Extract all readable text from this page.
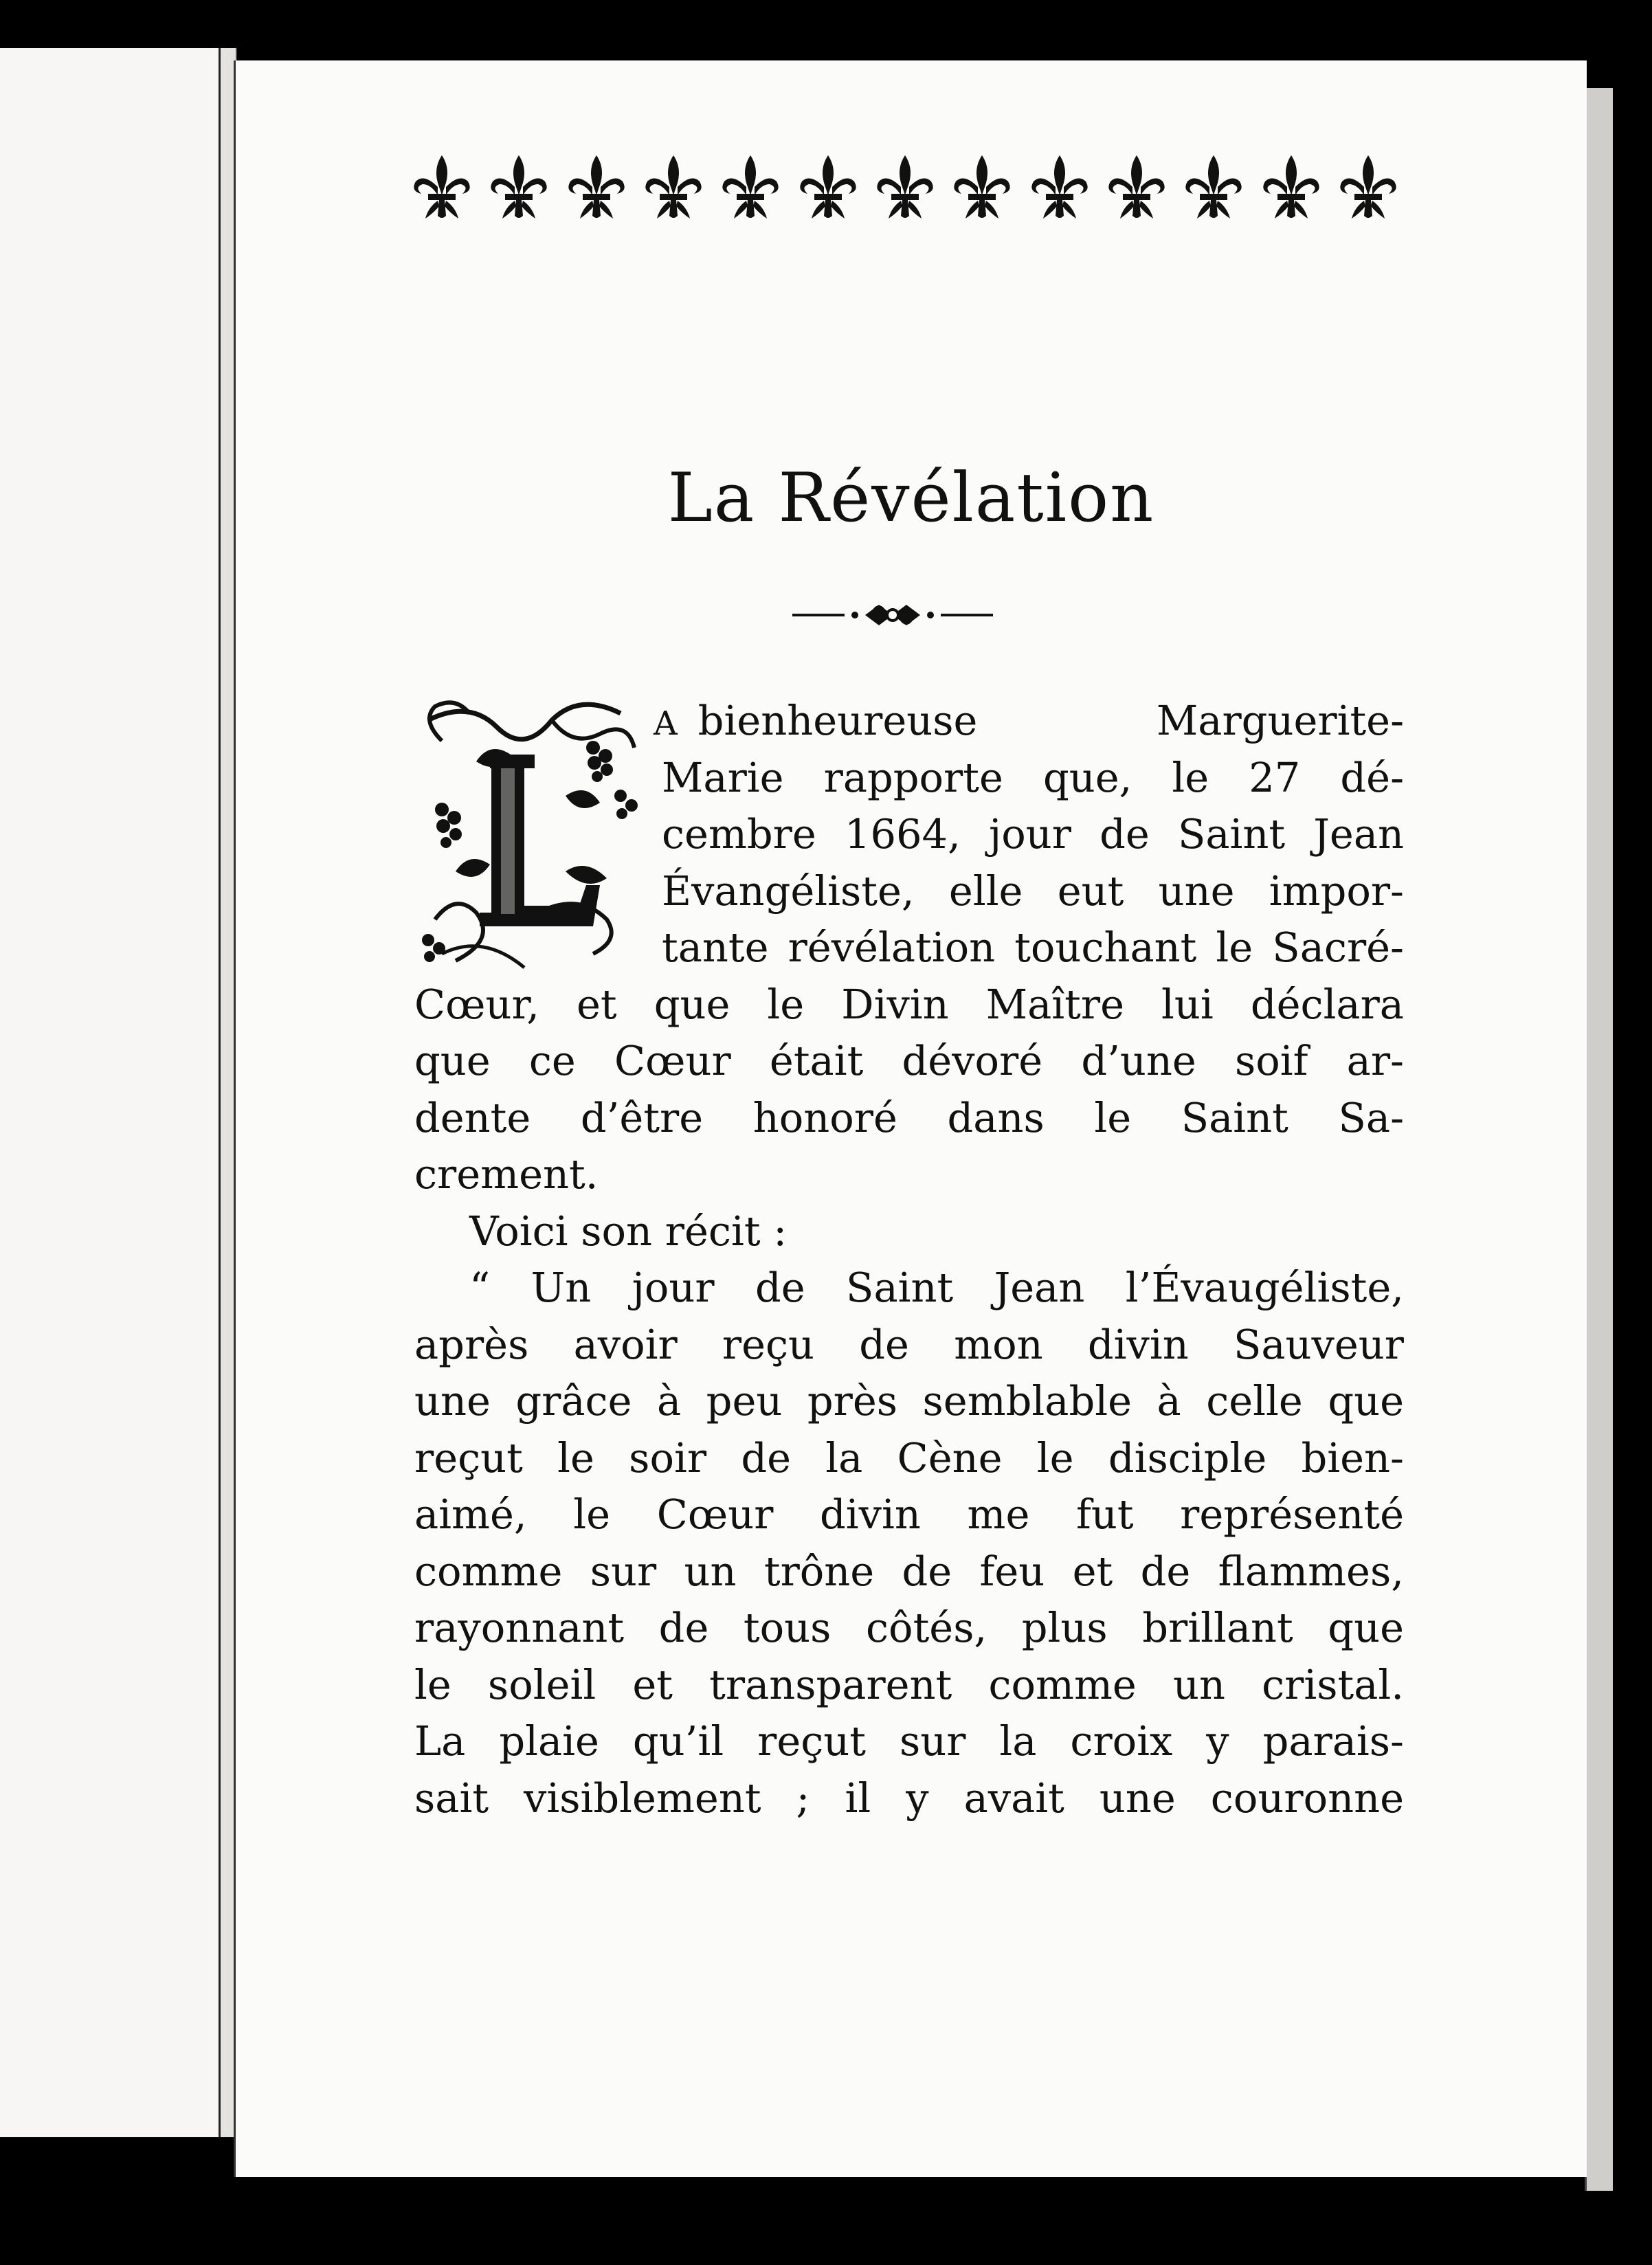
La Révélation
A bienheureuse Marguerite-
Marie rapporte que, le 27 dé-
cembre 1664, jour de Saint Jean
Évangéliste, elle eut une impor-
tante révélation touchant le Sacré-
Cœur, et que le Divin Maître lui déclara
que ce Cœur était dévoré d’une soif ar-
dente d’être honoré dans le Saint Sa-
crement.
Voici son récit :
“ Un jour de Saint Jean l’Évaugéliste,
après avoir reçu de mon divin Sauveur
une grâce à peu près semblable à celle que
reçut le soir de la Cène le disciple bien-
aimé, le Cœur divin me fut représenté
comme sur un trône de feu et de flammes,
rayonnant de tous côtés, plus brillant que
le soleil et transparent comme un cristal.
La plaie qu’il reçut sur la croix y parais-
sait visiblement ; il y avait une couronne
